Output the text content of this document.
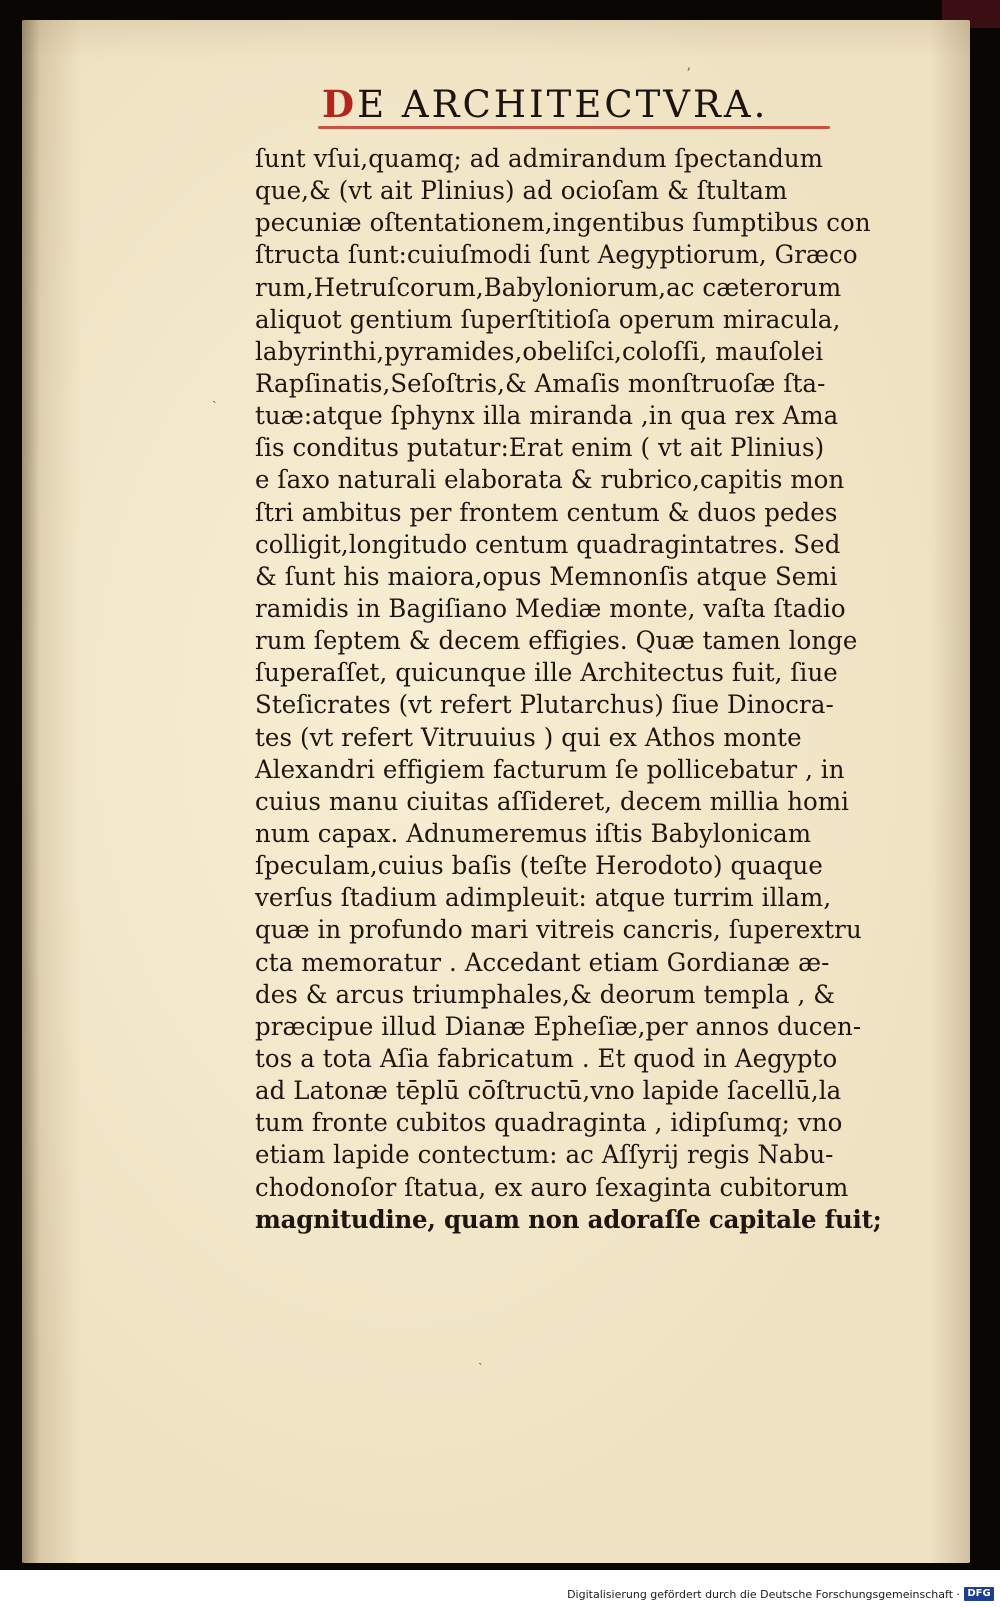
DE ARCHITECTVRA.
ſunt vſui,quamq; ad admirandum ſpectandum
que,& (vt ait Plinius) ad ocioſam & ſtultam
pecuniæ oſtentationem,ingentibus ſumptibus con
ſtructa ſunt:cuiuſmodi ſunt Aegyptiorum, Græco
rum,Hetruſcorum,Babyloniorum,ac cæterorum
aliquot gentium ſuperſtitioſa operum miracula,
labyrinthi,pyramides,obeliſci,coloſſi, mauſolei
Rapſinatis,Seſoſtris,& Amaſis monſtruoſæ ſta-
tuæ:atque ſphynx illa miranda ,in qua rex Ama
ſis conditus putatur:Erat enim ( vt ait Plinius)
e ſaxo naturali elaborata & rubrico,capitis mon
ſtri ambitus per frontem centum & duos pedes
colligit,longitudo centum quadragintatres. Sed
& ſunt his maiora,opus Memnonſis atque Semi
ramidis in Bagiſiano Mediæ monte, vaſta ſtadio
rum ſeptem & decem effigies. Quæ tamen longe
ſuperaſſet, quicunque ille Architectus fuit, ſiue
Steſicrates (vt refert Plutarchus) ſiue Dinocra-
tes (vt refert Vitruuius ) qui ex Athos monte
Alexandri effigiem facturum ſe pollicebatur , in
cuius manu ciuitas aſſideret, decem millia homi
num capax. Adnumeremus iſtis Babylonicam
ſpeculam,cuius baſis (teſte Herodoto) quaque
verſus ſtadium adimpleuit: atque turrim illam,
quæ in profundo mari vitreis cancris, ſuperextru
cta memoratur . Accedant etiam Gordianæ æ-
des & arcus triumphales,& deorum templa , &
præcipue illud Dianæ Epheſiæ,per annos ducen-
tos a tota Aſia fabricatum . Et quod in Aegypto
ad Latonæ tēplū cōſtructū,vno lapide ſacellū,la
tum fronte cubitos quadraginta , idipſumq; vno
etiam lapide contectum: ac Aſſyrij regis Nabu-
chodonoſor ſtatua, ex auro ſexaginta cubitorum
magnitudine, quam non adoraſſe capitale fuit;
ʼ
ˎ
ˏ
Digitalisierung gefördert durch die Deutsche Forschungsgemeinschaft · DFG
